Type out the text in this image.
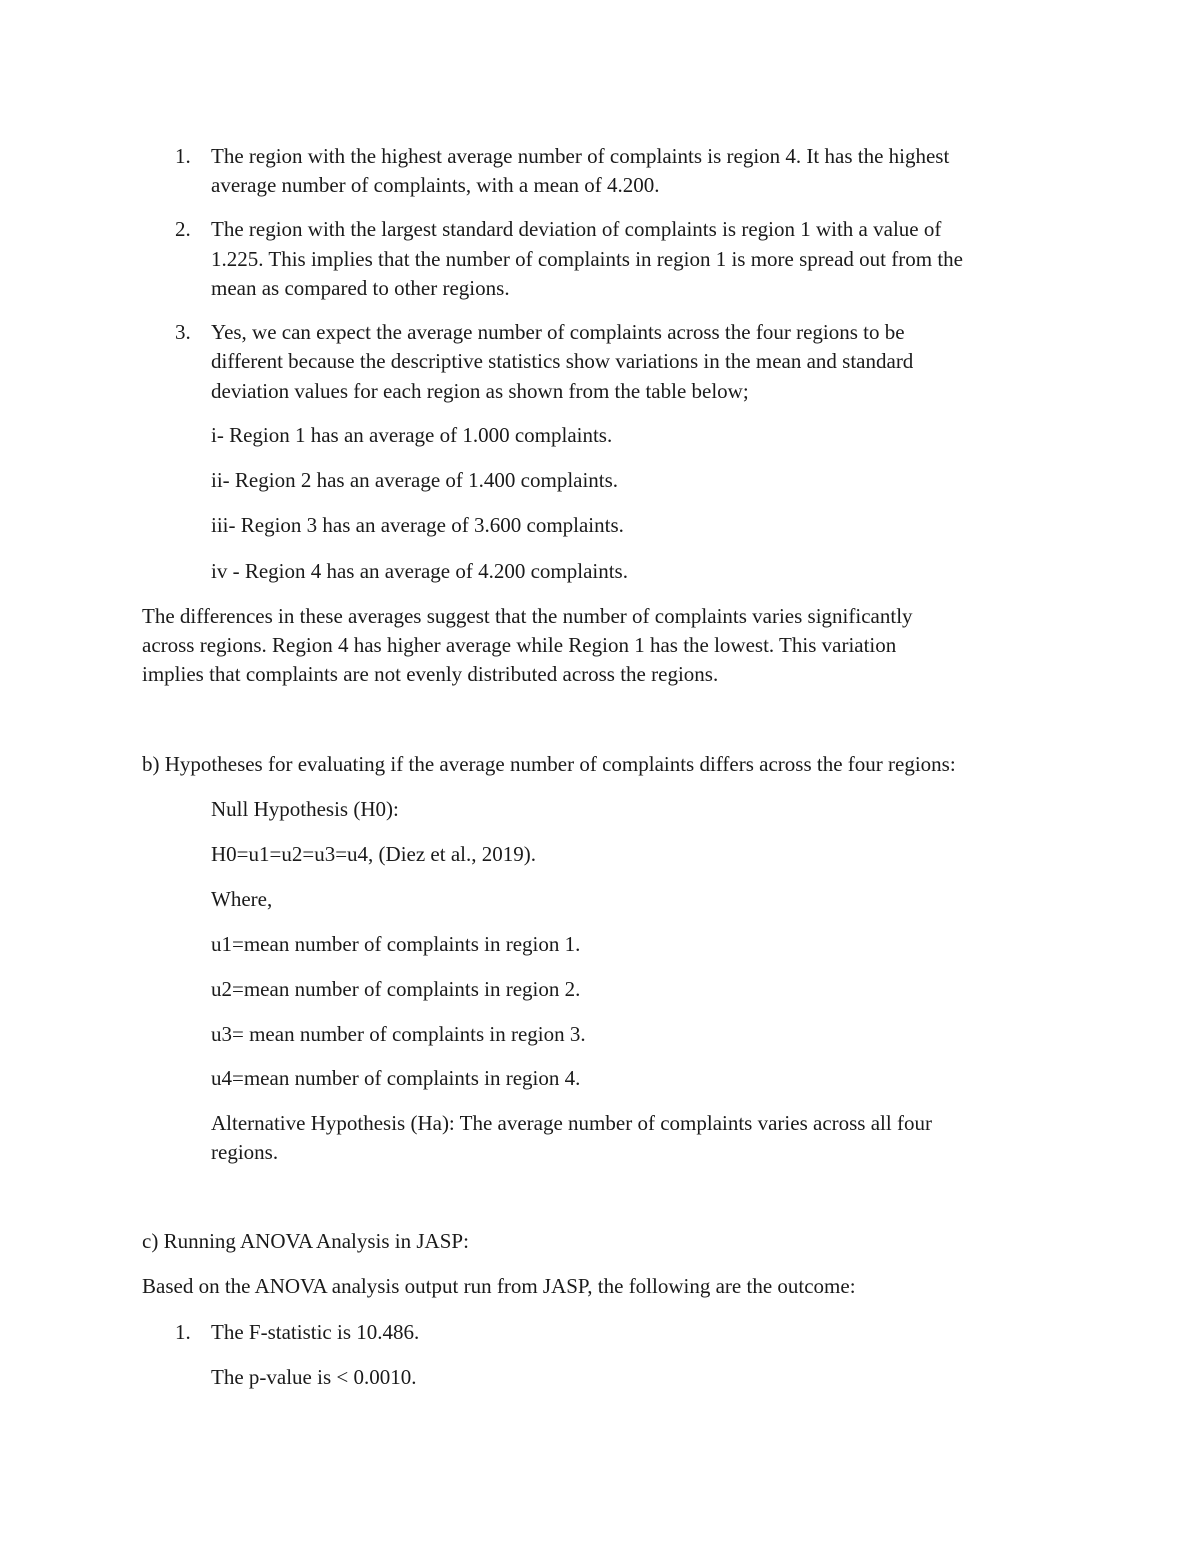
1. The region with the highest average number of complaints is region 4. It has the highest
average number of complaints, with a mean of 4.200.
2. The region with the largest standard deviation of complaints is region 1 with a value of
1.225. This implies that the number of complaints in region 1 is more spread out from the
mean as compared to other regions.
3. Yes, we can expect the average number of complaints across the four regions to be
different because the descriptive statistics show variations in the mean and standard
deviation values for each region as shown from the table below;
i- Region 1 has an average of 1.000 complaints.
ii- Region 2 has an average of 1.400 complaints.
iii- Region 3 has an average of 3.600 complaints.
iv - Region 4 has an average of 4.200 complaints.
The differences in these averages suggest that the number of complaints varies significantly
across regions. Region 4 has higher average while Region 1 has the lowest. This variation
implies that complaints are not evenly distributed across the regions.
b) Hypotheses for evaluating if the average number of complaints differs across the four regions:
Null Hypothesis (H0):
H0=u1=u2=u3=u4, (Diez et al., 2019).
Where,
u1=mean number of complaints in region 1.
u2=mean number of complaints in region 2.
u3= mean number of complaints in region 3.
u4=mean number of complaints in region 4.
Alternative Hypothesis (Ha): The average number of complaints varies across all four
regions.
c) Running ANOVA Analysis in JASP:
Based on the ANOVA analysis output run from JASP, the following are the outcome:
1. The F-statistic is 10.486.
The p-value is < 0.0010.
